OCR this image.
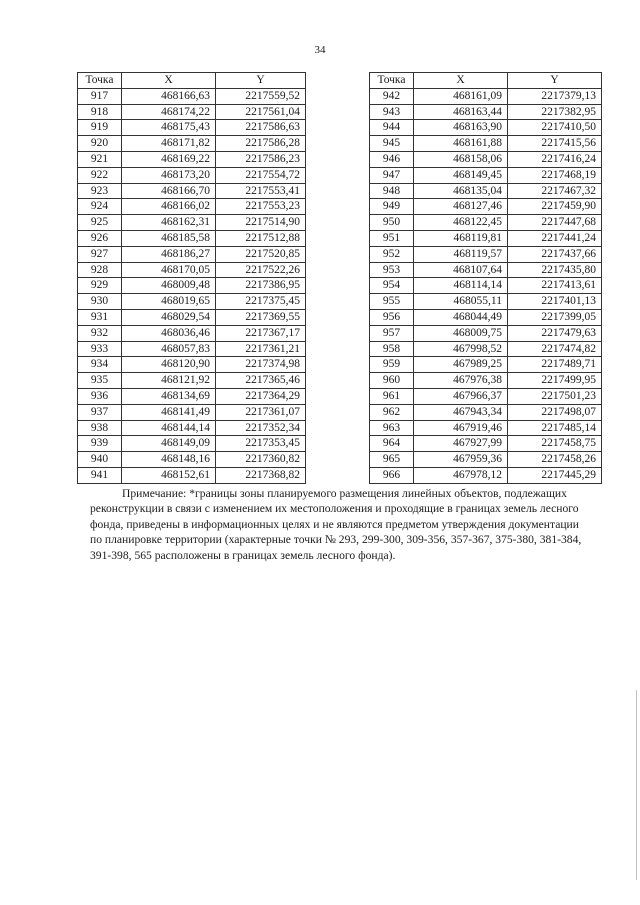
34
Точка	X	Y
917	468166,63	2217559,52
918	468174,22	2217561,04
919	468175,43	2217586,63
920	468171,82	2217586,28
921	468169,22	2217586,23
922	468173,20	2217554,72
923	468166,70	2217553,41
924	468166,02	2217553,23
925	468162,31	2217514,90
926	468185,58	2217512,88
927	468186,27	2217520,85
928	468170,05	2217522,26
929	468009,48	2217386,95
930	468019,65	2217375,45
931	468029,54	2217369,55
932	468036,46	2217367,17
933	468057,83	2217361,21
934	468120,90	2217374,98
935	468121,92	2217365,46
936	468134,69	2217364,29
937	468141,49	2217361,07
938	468144,14	2217352,34
939	468149,09	2217353,45
940	468148,16	2217360,82
941	468152,61	2217368,82
Точка	X	Y
942	468161,09	2217379,13
943	468163,44	2217382,95
944	468163,90	2217410,50
945	468161,88	2217415,56
946	468158,06	2217416,24
947	468149,45	2217468,19
948	468135,04	2217467,32
949	468127,46	2217459,90
950	468122,45	2217447,68
951	468119,81	2217441,24
952	468119,57	2217437,66
953	468107,64	2217435,80
954	468114,14	2217413,61
955	468055,11	2217401,13
956	468044,49	2217399,05
957	468009,75	2217479,63
958	467998,52	2217474,82
959	467989,25	2217489,71
960	467976,38	2217499,95
961	467966,37	2217501,23
962	467943,34	2217498,07
963	467919,46	2217485,14
964	467927,99	2217458,75
965	467959,36	2217458,26
966	467978,12	2217445,29

Примечание: *границы зоны планируемого размещения линейных объектов, подлежащих
реконструкции в связи с изменением их местоположения и проходящие в границах земель лесного
фонда, приведены в информационных целях и не являются предметом утверждения документации
по планировке территории (характерные точки № 293, 299-300, 309-356, 357-367, 375-380, 381-384,
391-398, 565 расположены в границах земель лесного фонда).
